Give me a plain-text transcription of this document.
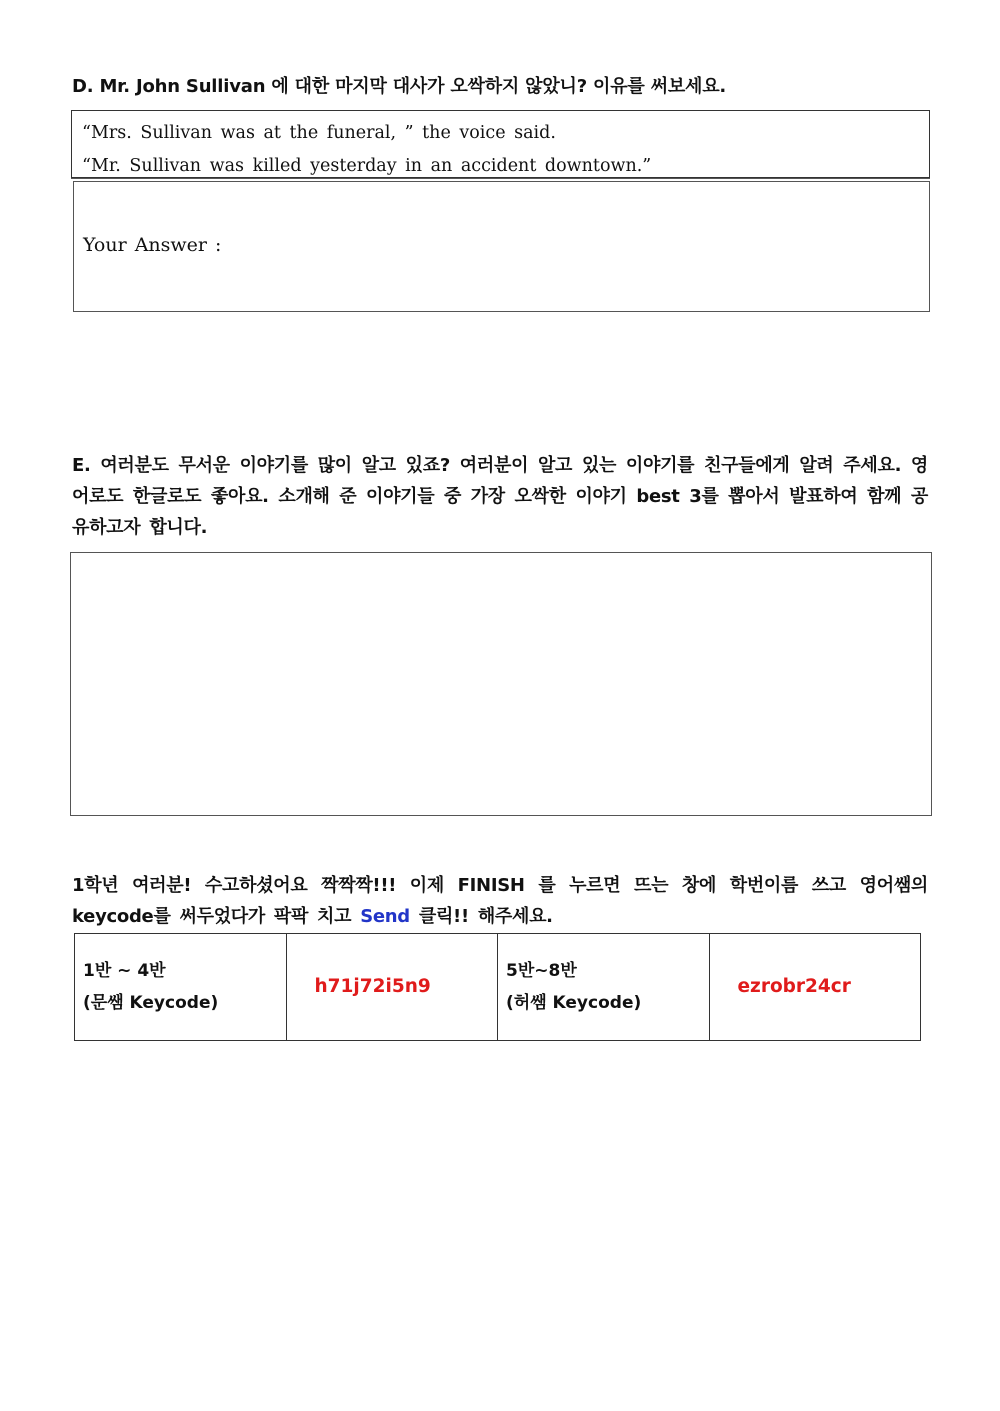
D. Mr. John Sullivan 에 대한 마지막 대사가 오싹하지 않았니? 이유를 써보세요.
“Mrs. Sullivan was at the funeral, ” the voice said.
“Mr. Sullivan was killed yesterday in an accident downtown.”
Your Answer :
E. 여러분도 무서운 이야기를 많이 알고 있죠? 여러분이 알고 있는 이야기를 친구들에게 알려 주세요. 영어로도 한글로도 좋아요. 소개해 준 이야기들 중 가장 오싹한 이야기 best 3를 뽑아서 발표하여 함께 공유하고자 합니다.
1학년 여러분! 수고하셨어요 짝짝짝!!! 이제 FINISH 를 누르면 뜨는 창에 학번이름 쓰고 영어쌤의 keycode를 써두었다가 팍팍 치고 Send 클릭!! 해주세요.
1반 ~ 4반
(문쌤 Keycode)
	h71j72i5n9	
5반~8반
(허쌤 Keycode)
	ezrobr24cr
